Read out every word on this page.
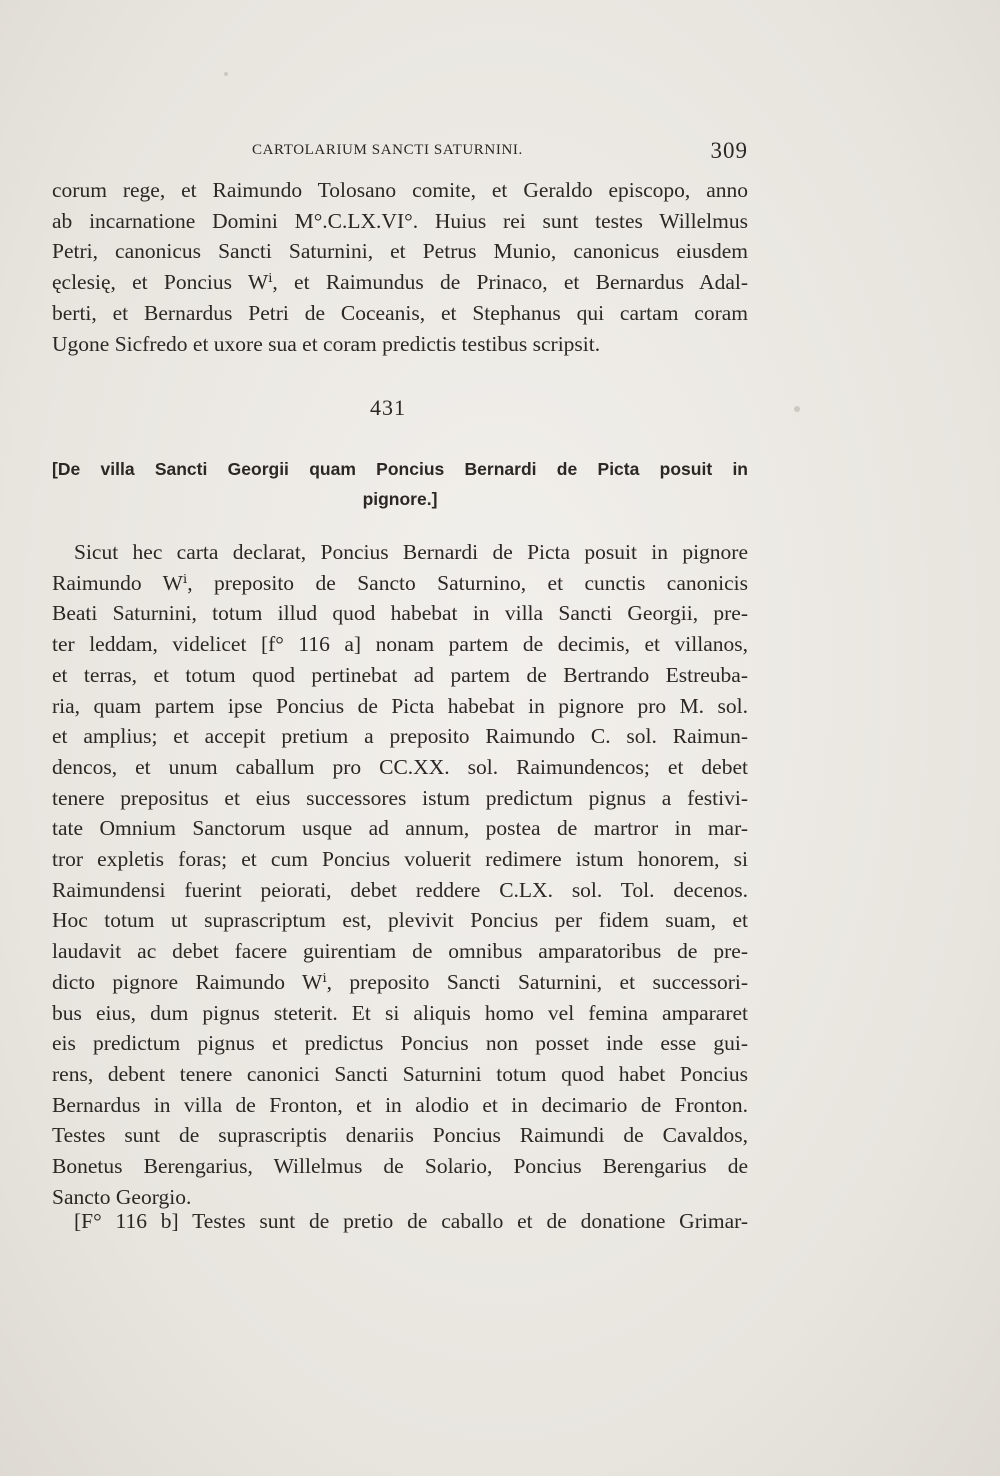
CARTOLARIUM SANCTI SATURNINI.	309
corum rege, et Raimundo Tolosano comite, et Geraldo episcopo, anno
ab incarnatione Domini M°.C.LX.VI°. Huius rei sunt testes Willelmus
Petri, canonicus Sancti Saturnini, et Petrus Munio, canonicus eiusdem
ęclesię, et Poncius Wⁱ, et Raimundus de Prinaco, et Bernardus Adal-
berti, et Bernardus Petri de Coceanis, et Stephanus qui cartam coram
Ugone Sicfredo et uxore sua et coram predictis testibus scripsit.
431
[De villa Sancti Georgii quam Poncius Bernardi de Picta posuit in
pignore.]
Sicut hec carta declarat, Poncius Bernardi de Picta posuit in pignore
Raimundo Wⁱ, preposito de Sancto Saturnino, et cunctis canonicis
Beati Saturnini, totum illud quod habebat in villa Sancti Georgii, pre-
ter leddam, videlicet [f° 116 a] nonam partem de decimis, et villanos,
et terras, et totum quod pertinebat ad partem de Bertrando Estreuba-
ria, quam partem ipse Poncius de Picta habebat in pignore pro M. sol.
et amplius; et accepit pretium a preposito Raimundo C. sol. Raimun-
dencos, et unum caballum pro CC.XX. sol. Raimundencos; et debet
tenere prepositus et eius successores istum predictum pignus a festivi-
tate Omnium Sanctorum usque ad annum, postea de martror in mar-
tror expletis foras; et cum Poncius voluerit redimere istum honorem, si
Raimundensi fuerint peiorati, debet reddere C.LX. sol. Tol. decenos.
Hoc totum ut suprascriptum est, plevivit Poncius per fidem suam, et
laudavit ac debet facere guirentiam de omnibus amparatoribus de pre-
dicto pignore Raimundo Wⁱ, preposito Sancti Saturnini, et successori-
bus eius, dum pignus steterit. Et si aliquis homo vel femina ampararet
eis predictum pignus et predictus Poncius non posset inde esse gui-
rens, debent tenere canonici Sancti Saturnini totum quod habet Poncius
Bernardus in villa de Fronton, et in alodio et in decimario de Fronton.
Testes sunt de suprascriptis denariis Poncius Raimundi de Cavaldos,
Bonetus Berengarius, Willelmus de Solario, Poncius Berengarius de
Sancto Georgio.
[F° 116 b] Testes sunt de pretio de caballo et de donatione Grimar-
